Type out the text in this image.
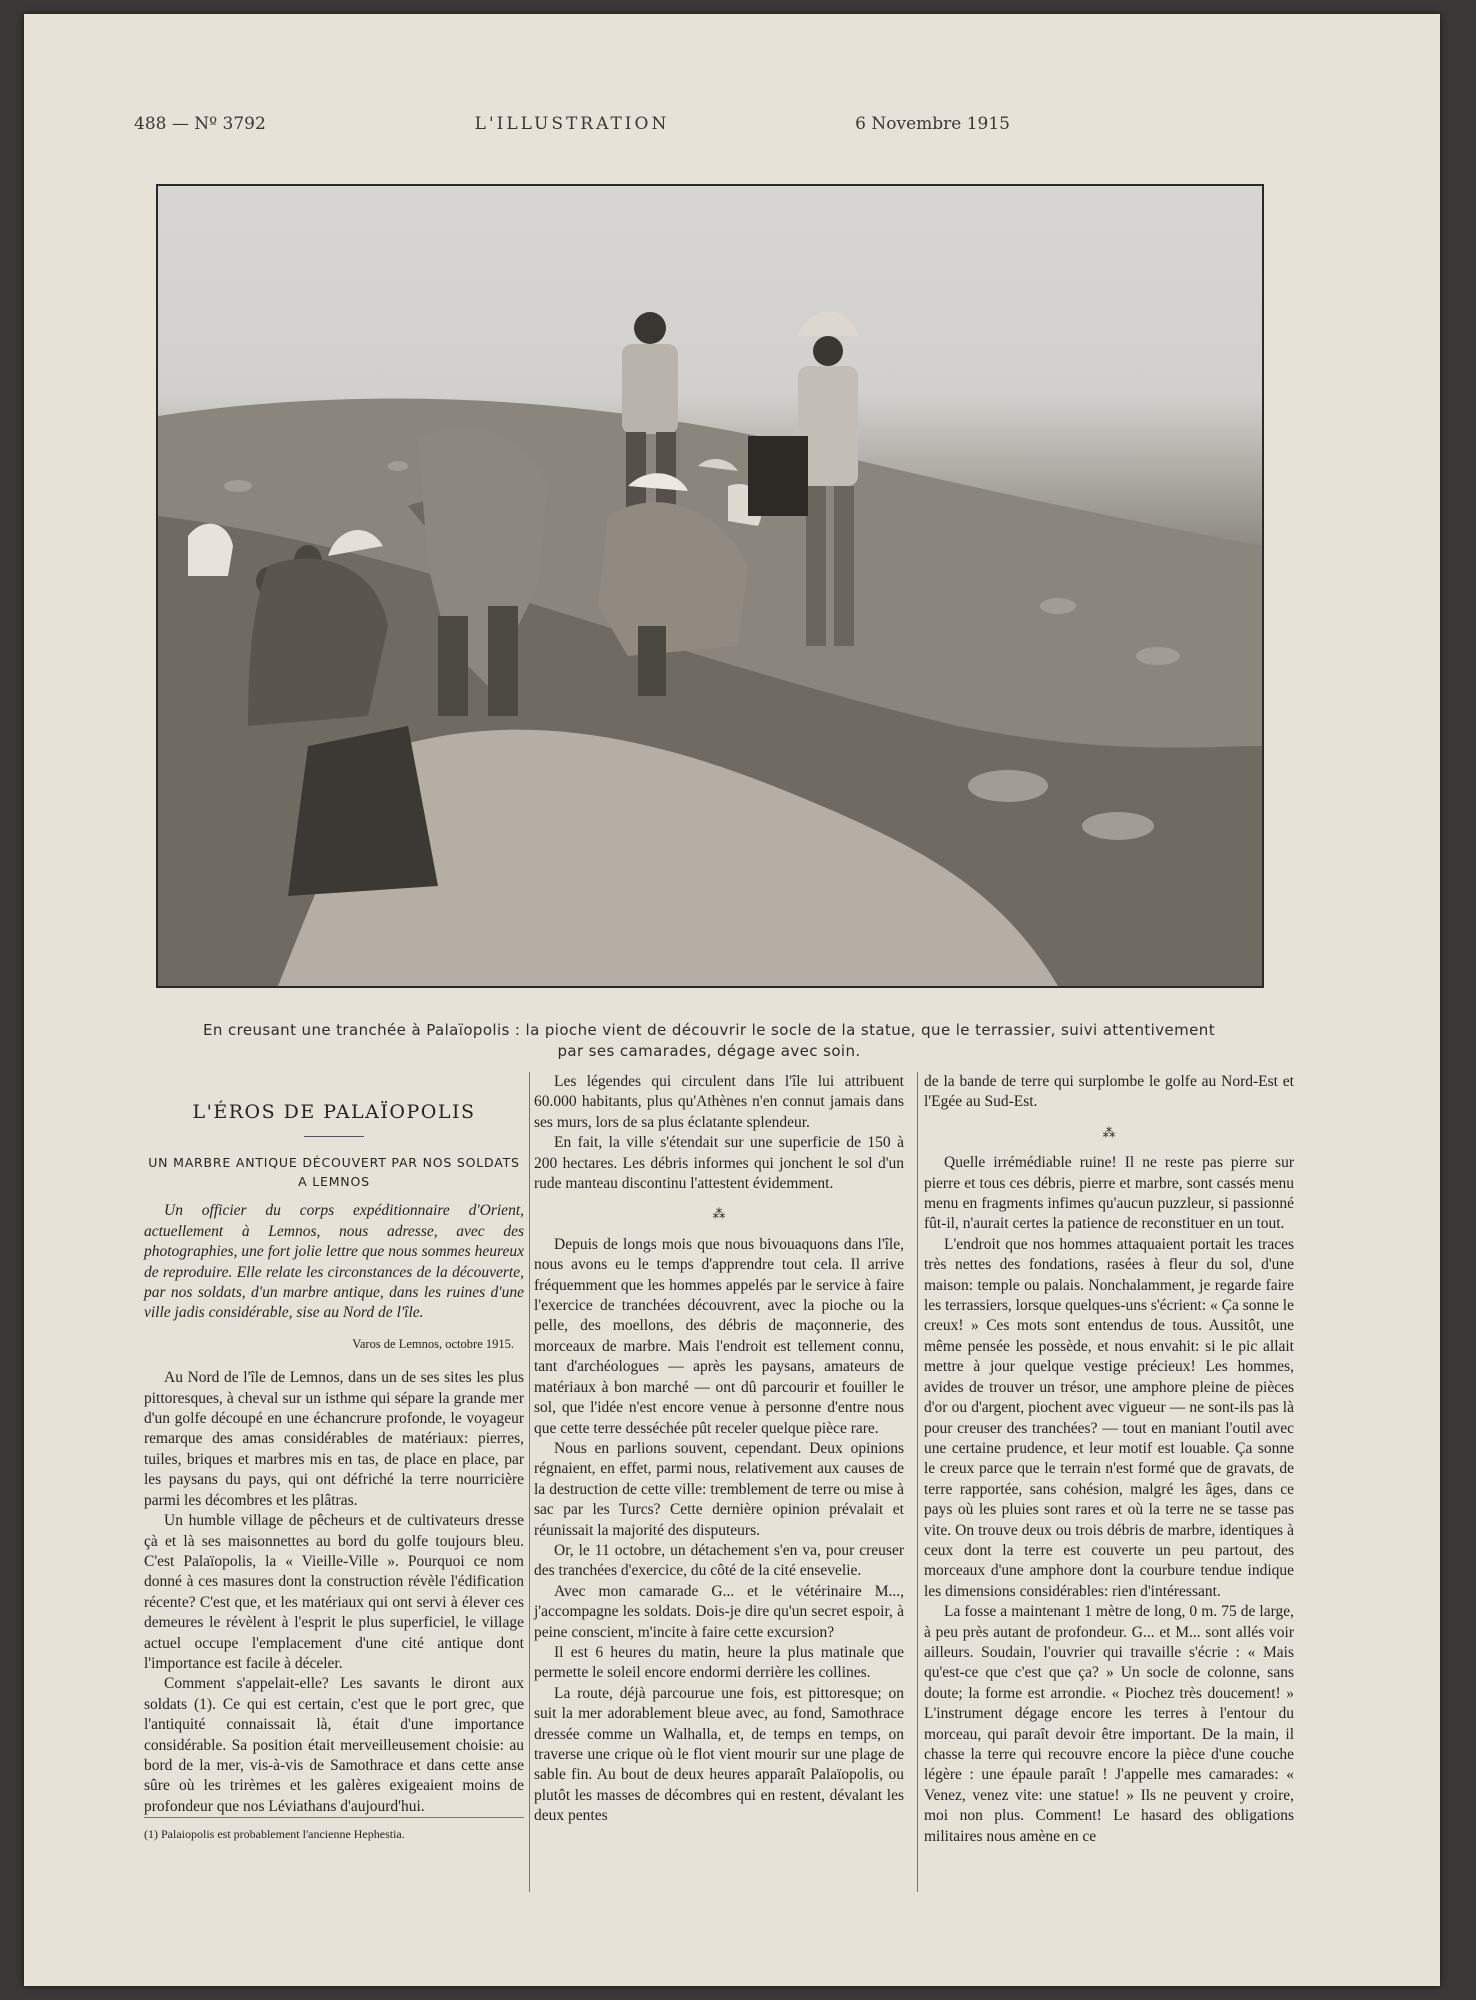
488 — Nº 3792	L'ILLUSTRATION	6 Novembre 1915
En creusant une tranchée à Palaïopolis : la pioche vient de découvrir le socle de la statue, que le terrassier, suivi attentivement
par ses camarades, dégage avec soin.
L'ÉROS DE PALAÏOPOLIS
UN MARBRE ANTIQUE DÉCOUVERT PAR NOS SOLDATS
A LEMNOS

Un officier du corps expéditionnaire d'Orient, actuellement à Lemnos, nous adresse, avec des photographies, une fort jolie lettre que nous sommes heureux de reproduire. Elle relate les circonstances de la découverte, par nos soldats, d'un marbre antique, dans les ruines d'une ville jadis considérable, sise au Nord de l'île.

Varos de Lemnos, octobre 1915.

Au Nord de l'île de Lemnos, dans un de ses sites les plus pittoresques, à cheval sur un isthme qui sépare la grande mer d'un golfe découpé en une échancrure profonde, le voyageur remarque des amas considérables de matériaux: pierres, tuiles, briques et marbres mis en tas, de place en place, par les paysans du pays, qui ont défriché la terre nourricière parmi les décombres et les plâtras.

Un humble village de pêcheurs et de cultivateurs dresse çà et là ses maisonnettes au bord du golfe toujours bleu. C'est Palaïopolis, la « Vieille-Ville ». Pourquoi ce nom donné à ces masures dont la construction révèle l'édification récente? C'est que, et les matériaux qui ont servi à élever ces demeures le révèlent à l'esprit le plus superficiel, le village actuel occupe l'emplacement d'une cité antique dont l'importance est facile à déceler.

Comment s'appelait-elle? Les savants le diront aux soldats (1). Ce qui est certain, c'est que le port grec, que l'antiquité connaissait là, était d'une importance considérable. Sa position était merveilleusement choisie: au bord de la mer, vis-à-vis de Samothrace et dans cette anse sûre où les trirèmes et les galères exigeaient moins de profondeur que nos Léviathans d'aujourd'hui.

(1) Palaiopolis est probablement l'ancienne Hephestia.

Les légendes qui circulent dans l'île lui attribuent 60.000 habitants, plus qu'Athènes n'en connut jamais dans ses murs, lors de sa plus éclatante splendeur.

En fait, la ville s'étendait sur une superficie de 150 à 200 hectares. Les débris informes qui jonchent le sol d'un rude manteau discontinu l'attestent évidemment.

⁂

Depuis de longs mois que nous bivouaquons dans l'île, nous avons eu le temps d'apprendre tout cela. Il arrive fréquemment que les hommes appelés par le service à faire l'exercice de tranchées découvrent, avec la pioche ou la pelle, des moellons, des débris de maçonnerie, des morceaux de marbre. Mais l'endroit est tellement connu, tant d'archéologues — après les paysans, amateurs de matériaux à bon marché — ont dû parcourir et fouiller le sol, que l'idée n'est encore venue à personne d'entre nous que cette terre desséchée pût receler quelque pièce rare.

Nous en parlions souvent, cependant. Deux opinions régnaient, en effet, parmi nous, relativement aux causes de la destruction de cette ville: tremblement de terre ou mise à sac par les Turcs? Cette dernière opinion prévalait et réunissait la majorité des disputeurs.

Or, le 11 octobre, un détachement s'en va, pour creuser des tranchées d'exercice, du côté de la cité ensevelie.

Avec mon camarade G... et le vétérinaire M..., j'accompagne les soldats. Dois-je dire qu'un secret espoir, à peine conscient, m'incite à faire cette excursion?

Il est 6 heures du matin, heure la plus matinale que permette le soleil encore endormi derrière les collines.

La route, déjà parcourue une fois, est pittoresque; on suit la mer adorablement bleue avec, au fond, Samothrace dressée comme un Walhalla, et, de temps en temps, on traverse une crique où le flot vient mourir sur une plage de sable fin. Au bout de deux heures apparaît Palaïopolis, ou plutôt les masses de décombres qui en restent, dévalant les deux pentes

de la bande de terre qui surplombe le golfe au Nord-Est et l'Egée au Sud-Est.

⁂

Quelle irrémédiable ruine! Il ne reste pas pierre sur pierre et tous ces débris, pierre et marbre, sont cassés menu menu en fragments infimes qu'aucun puzzleur, si passionné fût-il, n'aurait certes la patience de reconstituer en un tout.

L'endroit que nos hommes attaquaient portait les traces très nettes des fondations, rasées à fleur du sol, d'une maison: temple ou palais. Nonchalamment, je regarde faire les terrassiers, lorsque quelques-uns s'écrient: « Ça sonne le creux! » Ces mots sont entendus de tous. Aussitôt, une même pensée les possède, et nous envahit: si le pic allait mettre à jour quelque vestige précieux! Les hommes, avides de trouver un trésor, une amphore pleine de pièces d'or ou d'argent, piochent avec vigueur — ne sont-ils pas là pour creuser des tranchées? — tout en maniant l'outil avec une certaine prudence, et leur motif est louable. Ça sonne le creux parce que le terrain n'est formé que de gravats, de terre rapportée, sans cohésion, malgré les âges, dans ce pays où les pluies sont rares et où la terre ne se tasse pas vite. On trouve deux ou trois débris de marbre, identiques à ceux dont la terre est couverte un peu partout, des morceaux d'une amphore dont la courbure tendue indique les dimensions considérables: rien d'intéressant.

La fosse a maintenant 1 mètre de long, 0 m. 75 de large, à peu près autant de profondeur. G... et M... sont allés voir ailleurs. Soudain, l'ouvrier qui travaille s'écrie : « Mais qu'est-ce que c'est que ça? » Un socle de colonne, sans doute; la forme est arrondie. « Piochez très doucement! » L'instrument dégage encore les terres à l'entour du morceau, qui paraît devoir être important. De la main, il chasse la terre qui recouvre encore la pièce d'une couche légère : une épaule paraît ! J'appelle mes camarades: « Venez, venez vite: une statue! » Ils ne peuvent y croire, moi non plus. Comment! Le hasard des obligations militaires nous amène en ce
